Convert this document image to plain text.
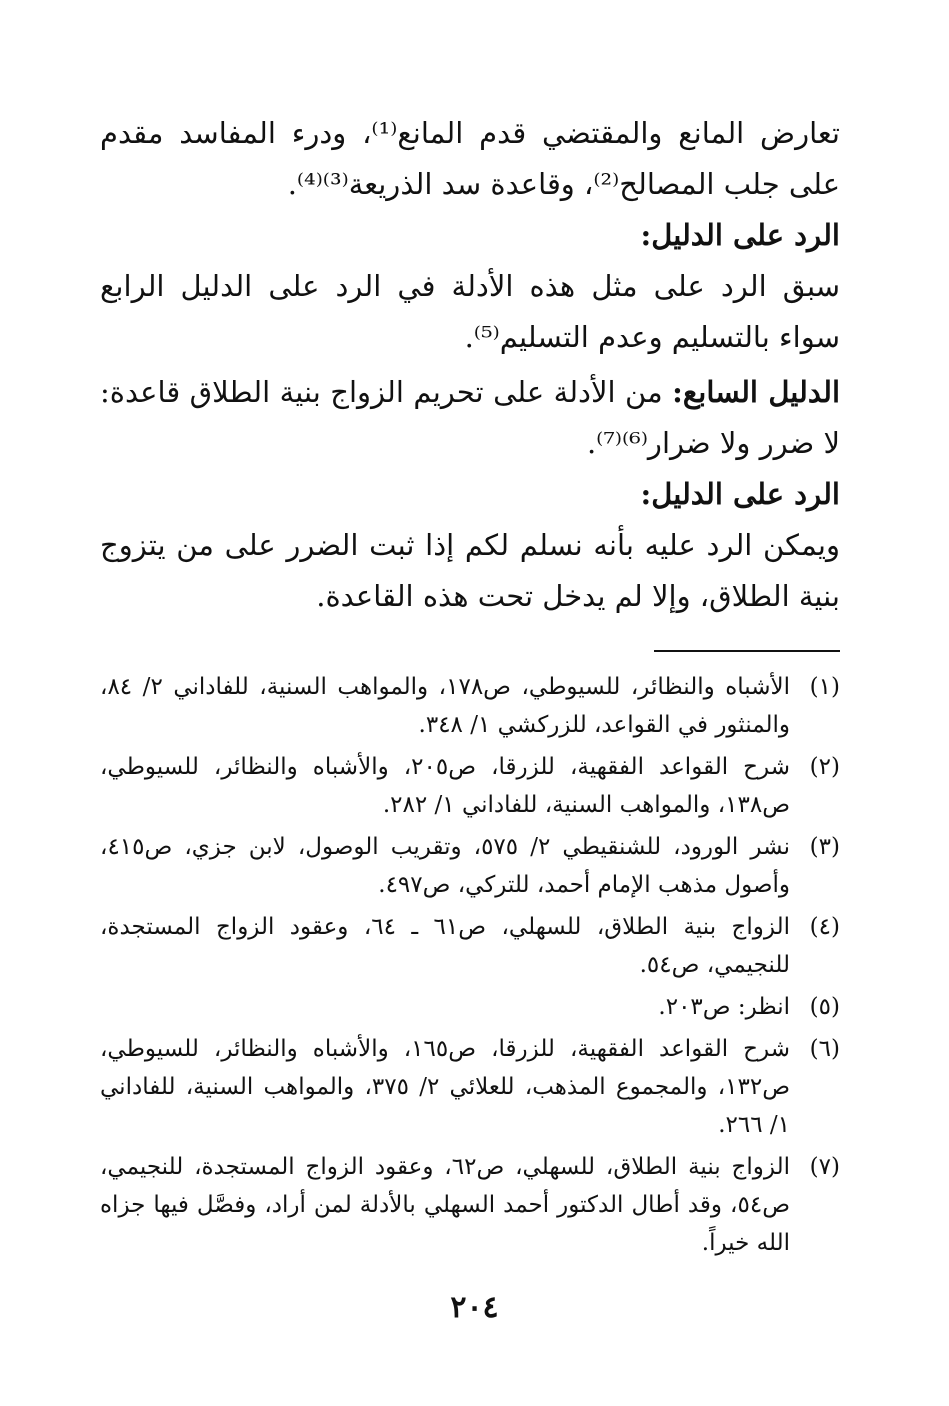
تعارض المانع والمقتضي قدم المانع⁽¹⁾، ودرء المفاسد مقدم على جلب المصالح⁽²⁾، وقاعدة سد الذريعة⁽³⁾⁽⁴⁾.

الرد على الدليل:

سبق الرد على مثل هذه الأدلة في الرد على الدليل الرابع سواء بالتسليم وعدم التسليم⁽⁵⁾.

الدليل السابع: من الأدلة على تحريم الزواج بنية الطلاق قاعدة: لا ضرر ولا ضرار⁽⁶⁾⁽⁷⁾.

الرد على الدليل:

ويمكن الرد عليه بأنه نسلم لكم إذا ثبت الضرر على من يتزوج بنية الطلاق، وإلا لم يدخل تحت هذه القاعدة.

(١)
الأشباه والنظائر، للسيوطي، ص١٧٨، والمواهب السنية، للفاداني ٢/ ٨٤، والمنثور في القواعد، للزركشي ١/ ٣٤٨.
(٢)
شرح القواعد الفقهية، للزرقا، ص٢٠٥، والأشباه والنظائر، للسيوطي، ص١٣٨، والمواهب السنية، للفاداني ١/ ٢٨٢.
(٣)
نشر الورود، للشنقيطي ٢/ ٥٧٥، وتقريب الوصول، لابن جزي، ص٤١٥، وأصول مذهب الإمام أحمد، للتركي، ص٤٩٧.
(٤)
الزواج بنية الطلاق، للسهلي، ص٦١ ـ ٦٤، وعقود الزواج المستجدة، للنجيمي، ص٥٤.
(٥)
انظر: ص٢٠٣.
(٦)
شرح القواعد الفقهية، للزرقا، ص١٦٥، والأشباه والنظائر، للسيوطي، ص١٣٢، والمجموع المذهب، للعلائي ٢/ ٣٧٥، والمواهب السنية، للفاداني ١/ ٢٦٦.
(٧)
الزواج بنية الطلاق، للسهلي، ص٦٢، وعقود الزواج المستجدة، للنجيمي، ص٥٤، وقد أطال الدكتور أحمد السهلي بالأدلة لمن أراد، وفصَّل فيها جزاه الله خيراً.
٢٠٤
